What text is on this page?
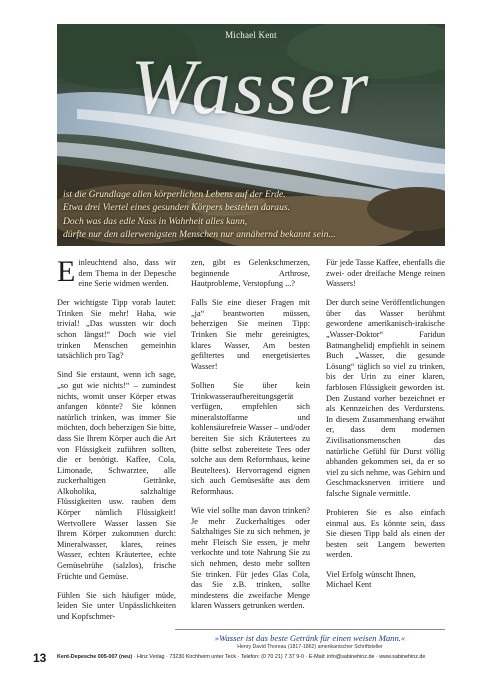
Michael Kent
Wasser
ist die Grundlage allen körperlichen Lebens auf der Erde.
Etwa drei Viertel eines gesunden Körpers bestehen daraus.
Doch was das edle Nass in Wahrheit alles kann,
dürfte nur den allerwenigsten Menschen nur annähernd bekannt sein...

Einleuchtend also, dass wir dem Thema in der Depesche eine Serie widmen werden.

Der wichtigste Tipp vorab lautet: Trinken Sie mehr! Haha, wie trivial! „Das wussten wir doch schon längst!“ Doch wie viel trinken Menschen gemeinhin tatsächlich pro Tag?

Sind Sie erstaunt, wenn ich sage, „so gut wie nichts!“ – zumindest nichts, womit unser Körper etwas anfangen könnte? Sie können natürlich trinken, was immer Sie möchten, doch beherzigen Sie bitte, dass Sie Ihrem Körper auch die Art von Flüssigkeit zuführen sollten, die er benötigt. Kaffee, Cola, Limonade, Schwarztee, alle zuckerhaltigen Getränke, Alkoholika, salzhaltige Flüssigkeiten usw. rauben dem Körper nämlich Flüssigkeit! Wertvollere Wasser lassen Sie Ihrem Körper zukommen durch: Mineralwasser, klares, reines Wasser, echten Kräutertee, echte Gemüsebrühe (salzlos), frische Früchte und Gemüse.

Fühlen Sie sich häufiger müde, leiden Sie unter Unpässlichkeiten und Kopfschmer-

zen, gibt es Gelenkschmerzen, beginnende Arthrose, Hautprobleme, Verstopfung ...?

Falls Sie eine dieser Fragen mit „ja“ beantworten müssen, beherzigen Sie meinen Tipp: Trinken Sie mehr gereinigtes, klares Wasser, Am besten gefiltertes und energetisiertes Wasser!

Sollten Sie über kein Trinkwasseraufbereitungsgerät verfügen, empfehlen sich mineralstoffarme und kohlensäurefreie Wasser – und/oder bereiten Sie sich Kräutertees zu (bitte selbst zubereitete Tees oder solche aus dem Reformhaus, keine Beuteltees). Hervorragend eignen sich auch Gemüsesäfte aus dem Reformhaus.

Wie viel sollte man davon trinken? Je mehr Zuckerhaltiges oder Salzhaltiges Sie zu sich nehmen, je mehr Fleisch Sie essen, je mehr verkochte und tote Nahrung Sie zu sich nehmen, desto mehr sollten Sie trinken. Für jedes Glas Cola, das Sie z.B. trinken, sollte mindestens die zweifache Menge klaren Wassers getrunken werden.

Für jede Tasse Kaffee, ebenfalls die zwei- oder dreifache Menge reinen Wassers!

Der durch seine Veröffentlichungen über das Wasser berühmt gewordene amerikanisch-irakische „Wasser-Doktor“ Faridun Batmanghelidj empfiehlt in seinem Buch „Wasser, die gesunde Lösung“ täglich so viel zu trinken, bis der Urin zu einer klaren, farblosen Flüssigkeit geworden ist. Den Zustand vorher bezeichnet er als Kennzeichen des Verdurstens. In diesem Zusammenhang erwähnt er, dass dem modernen Zivilisationsmenschen das natürliche Gefühl für Durst völlig abhanden gekommen sei, da er so viel zu sich nehme, was Gehirn und Geschmacksnerven irritiere und falsche Signale vermittle.

Probieren Sie es also einfach einmal aus. Es könnte sein, dass Sie diesen Tipp bald als einen der besten seit Langem bewerten werden.

Viel Erfolg wünscht Ihnen,

Michael Kent

»Wasser ist das beste Getränk für einen weisen Mann.«
Henry David Thoreau (1817-1862) amerikanischer Schriftsteller
13 Kent-Depesche 005-007 (neu) · Hinz Verlag · 73230 Kirchheim unter Teck · Telefon: (0 70 21) 7 37 9-0 · E-Mail: info@sabinehinz.de · www.sabinehinz.de
